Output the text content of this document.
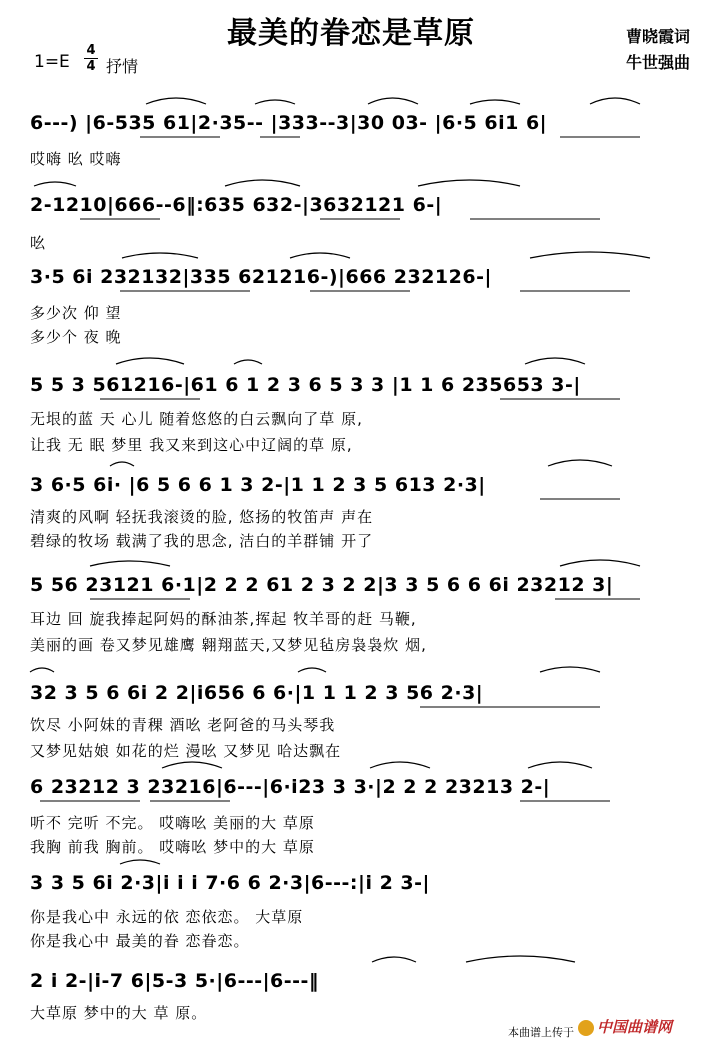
最美的眷恋是草原	曹晓霞词
牛世强曲
1=E
4
4 抒情
6---) |6-535 61|2·35-- |333--3|30 03- |6·5 6i1 6|
哎嗨 吆 哎嗨
2-1210|666--6‖:635 632-|3632121 6-|
吆
3·5 6i 232132|335 621216-)|666 232126-|
多少次 仰 望
多少个 夜 晚
5 5 3 561216-|61 6 1 2 3 6 5 3 3 |1 1 6 235653 3-|
无垠的蓝 天 心儿 随着悠悠的白云飘向了草 原,
让我 无 眠 梦里 我又来到这心中辽阔的草 原,
3 6·5 6i· |6 5 6 6 1 3 2-|1 1 2 3 5 613 2·3|
清爽的风啊 轻抚我滚烫的脸, 悠扬的牧笛声 声在
碧绿的牧场 载满了我的思念, 洁白的羊群铺 开了
5 56 23121 6·1|2 2 2 61 2 3 2 2|3 3 5 6 6 6i 23212 3|
耳边 回 旋我捧起阿妈的酥油茶,挥起 牧羊哥的赶 马鞭,
美丽的画 卷又梦见雄鹰 翱翔蓝天,又梦见毡房袅袅炊 烟,
32 3 5 6 6i 2 2|i656 6 6·|1 1 1 2 3 56 2·3|
饮尽 小阿妹的青稞 酒吆 老阿爸的马头琴我
又梦见姑娘 如花的烂 漫吆 又梦见 哈达飘在
6 23212 3 23216|6---|6·i23 3 3·|2 2 2 23213 2-|
听不 完听 不完。 哎嗨吆 美丽的大 草原
我胸 前我 胸前。 哎嗨吆 梦中的大 草原
3 3 5 6i 2·3|i i i 7·6 6 2·3|6---:|i 2 3-|
你是我心中 永远的依 恋依恋。 大草原
你是我心中 最美的眷 恋眷恋。
2 i 2-|i-7 6|5-3 5·|6---|6---‖
大草原 梦中的大 草 原。
本曲谱上传于 中国曲谱网
